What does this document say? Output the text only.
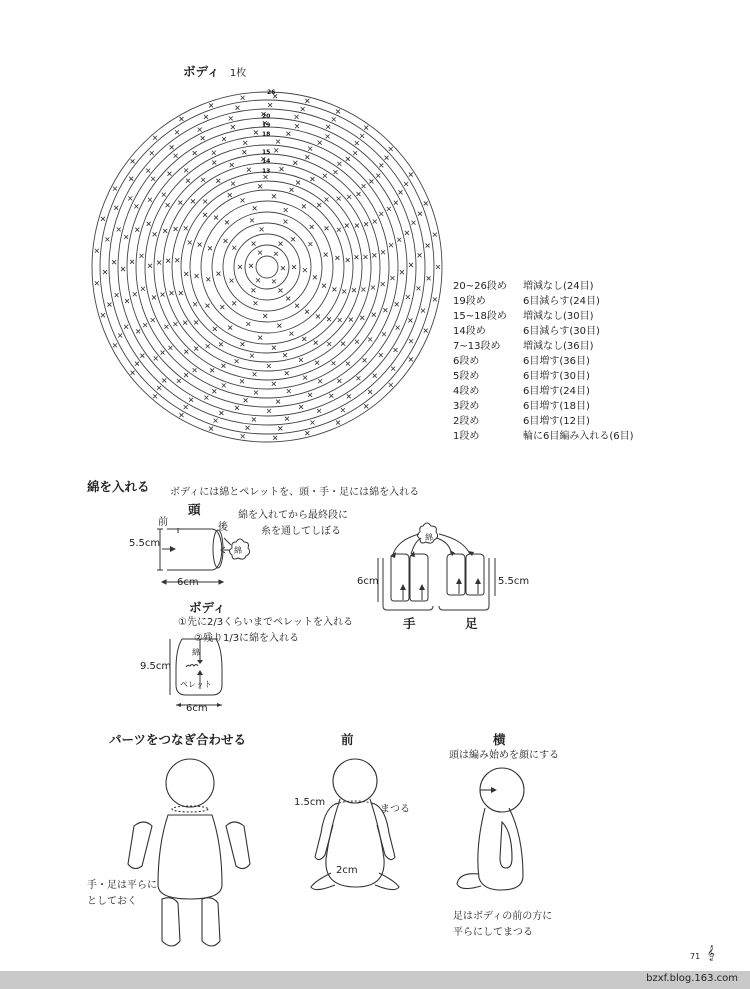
ボディ 1枚
26
20
19
18
15
14
13
20~26段め	増減なし(24目)
19段め	6目減らす(24目)
15~18段め	増減なし(30目)
14段め	6目減らす(30目)
7~13段め	増減なし(36目)
6段め	6目増す(36目)
5段め	6目増す(30目)
4段め	6目増す(24目)
3段め	6目増す(18目)
2段め	6目増す(12目)
1段め	輪に6目編み入れる(6目)
綿を入れる ボディには綿とペレットを、頭・手・足には綿を入れる
頭
前	後
綿を入れてから最終段に
糸を通してしぼる
5.5cm
6cm
綿
綿
6cm	5.5cm
手	足
ボディ
①先に2/3くらいまでペレットを入れる
②残り1/3に綿を入れる
9.5cm
6cm
綿
ペレット
パーツをつなぎ合わせる	前	横
頭は編み始めを顔にする
手・足は平らに
としておく
1.5cm
まつる
2cm
足はボディの前の方に
平らにしてまつる
71 𝄞
bzxf.blog.163.com
